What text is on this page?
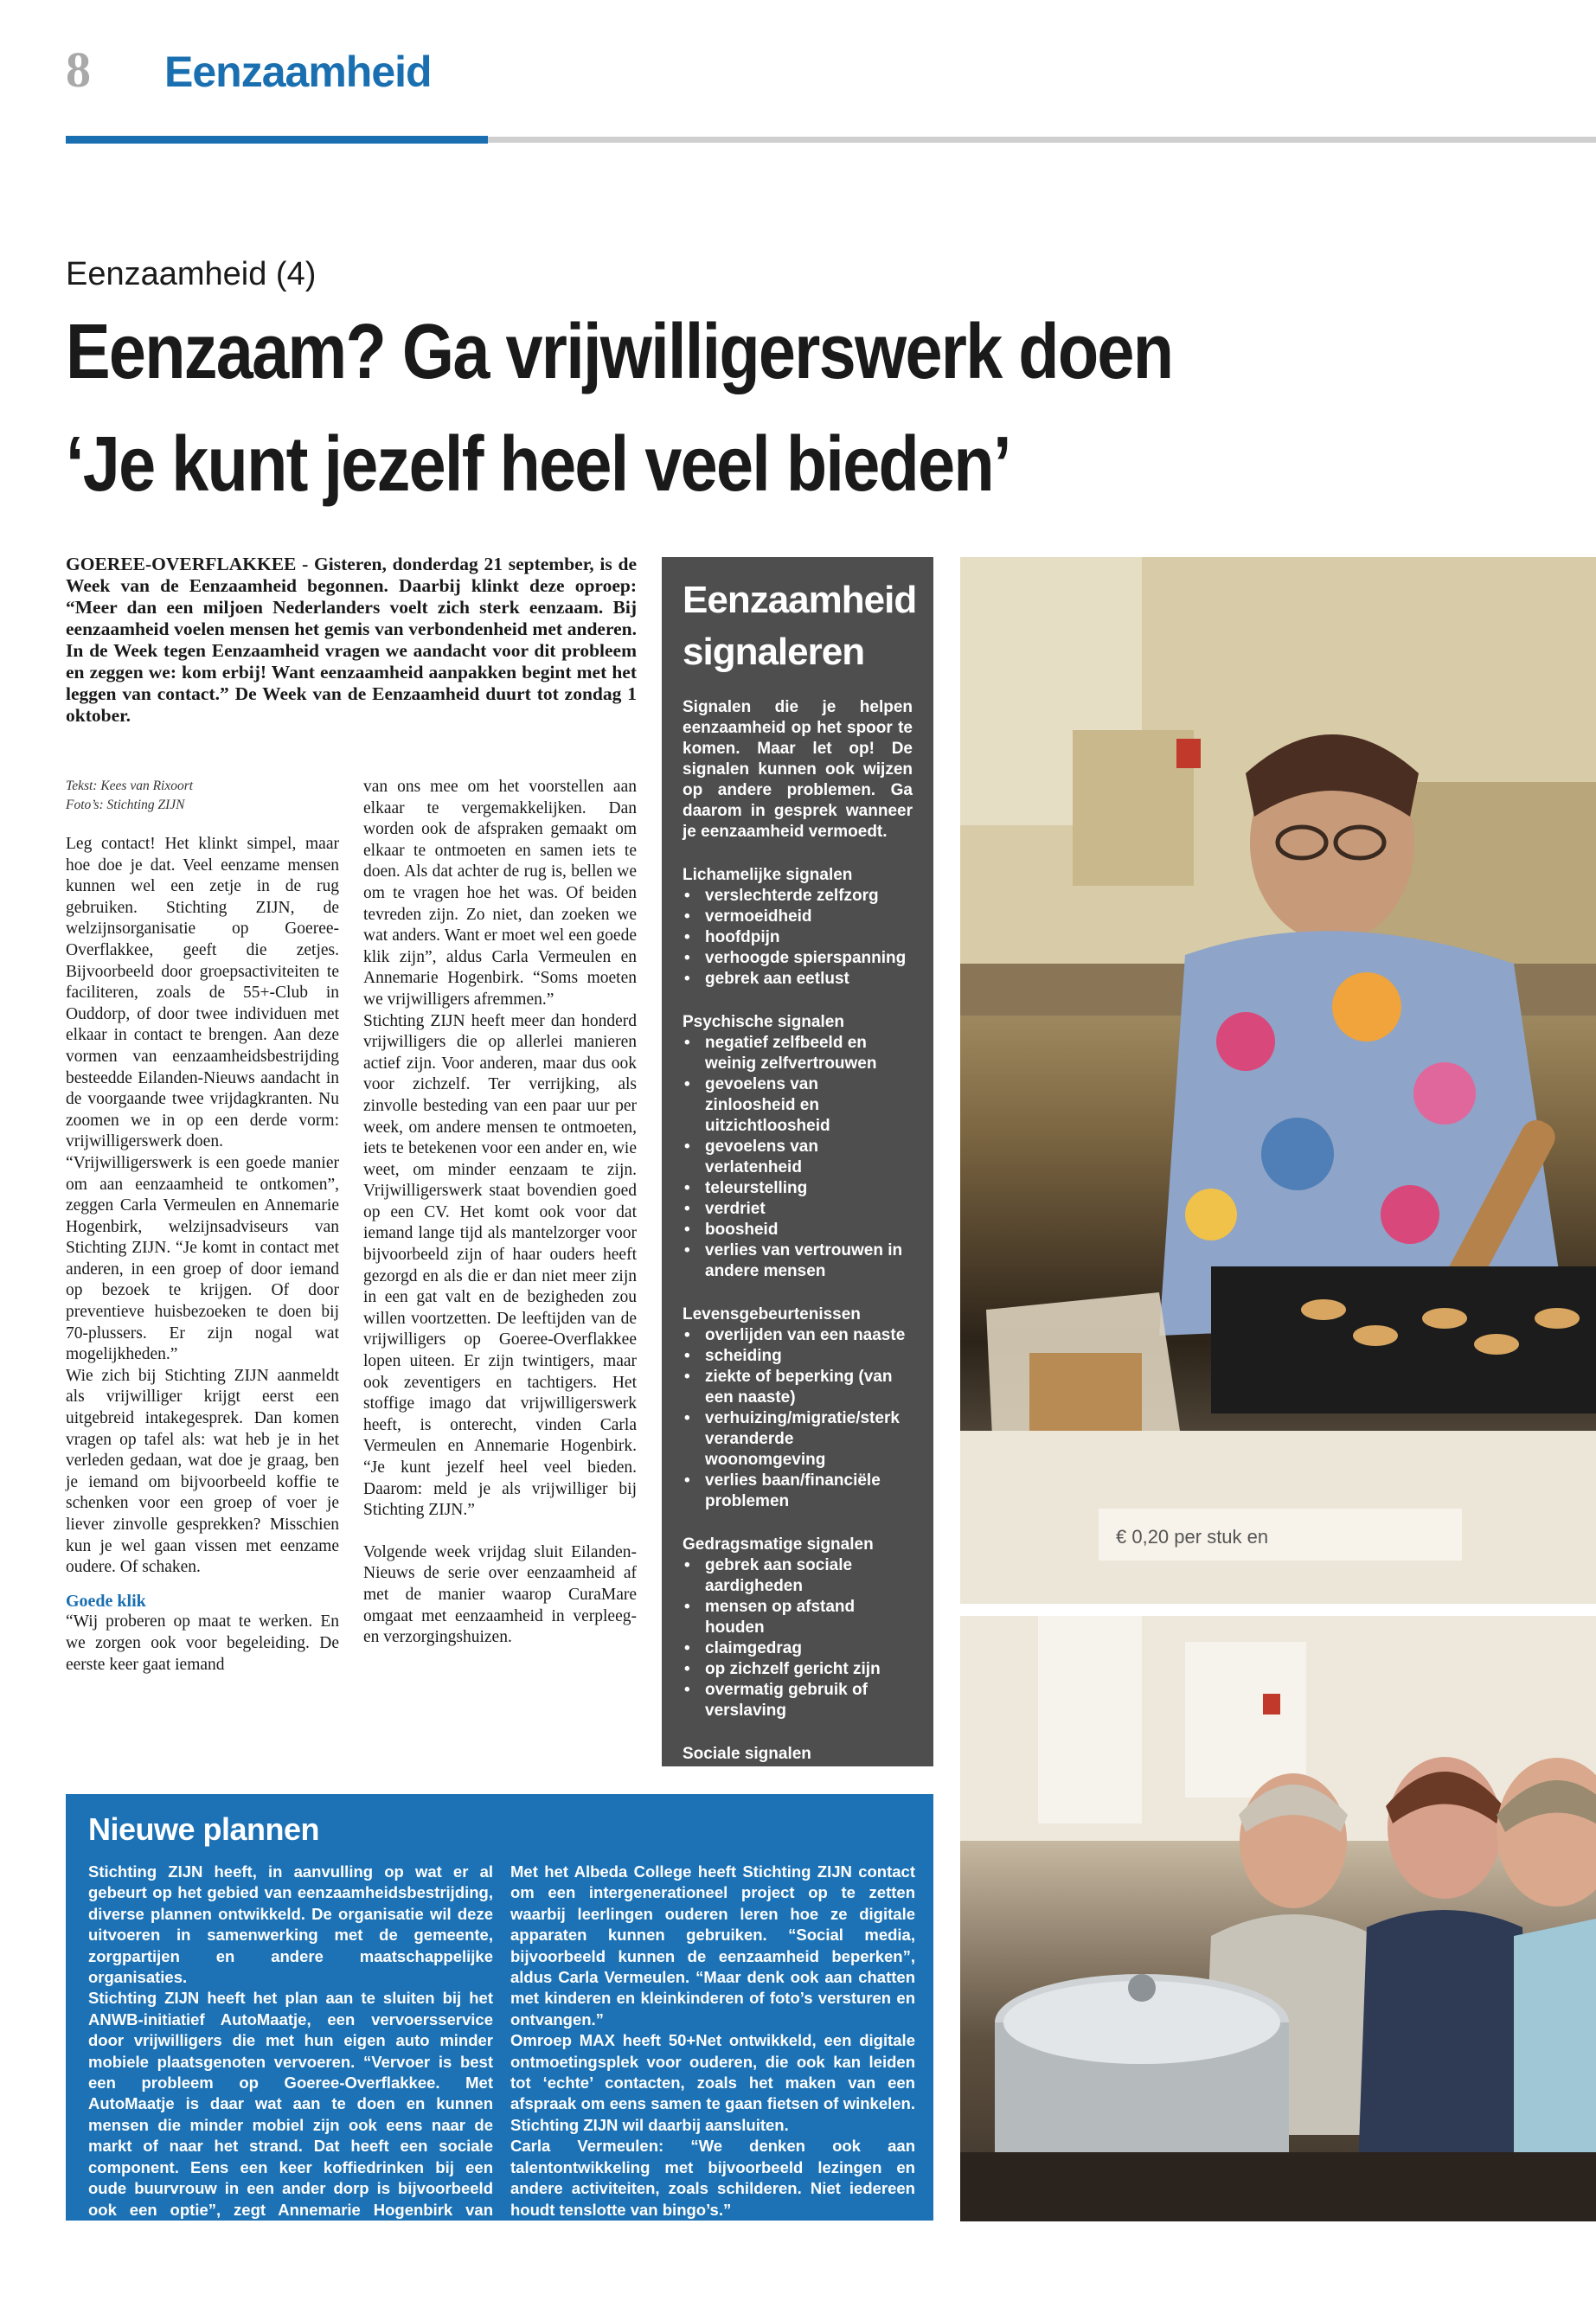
8 Eenzaamheid
Eenzaamheid (4)
Eenzaam? Ga vrijwilligerswerk doen
‘Je kunt jezelf heel veel bieden’
GOEREE-OVERFLAKKEE - Gisteren, donderdag 21 september, is de Week van de Eenzaamheid begonnen. Daarbij klinkt deze oproep: “Meer dan een miljoen Nederlanders voelt zich sterk eenzaam. Bij eenzaamheid voelen mensen het gemis van verbondenheid met anderen. In de Week tegen Eenzaamheid vragen we aandacht voor dit probleem en zeggen we: kom erbij! Want eenzaamheid aanpakken begint met het leggen van contact.” De Week van de Eenzaamheid duurt tot zondag 1 oktober.

Tekst: Kees van Rixoort

Foto’s: Stichting ZIJN

Leg contact! Het klinkt simpel, maar hoe doe je dat. Veel eenzame mensen kunnen wel een zetje in de rug gebruiken. Stichting ZIJN, de welzijnsorganisatie op Goeree-Overflakkee, geeft die zetjes. Bijvoorbeeld door groepsactiviteiten te faciliteren, zoals de 55+-Club in Ouddorp, of door twee individuen met elkaar in contact te brengen. Aan deze vormen van eenzaamheidsbestrijding besteedde Eilanden-Nieuws aandacht in de voorgaande twee vrijdagkranten. Nu zoomen we in op een derde vorm: vrijwilligerswerk doen.

“Vrijwilligerswerk is een goede manier om aan eenzaamheid te ontkomen”, zeggen Carla Vermeulen en Annemarie Hogenbirk, welzijnsadviseurs van Stichting ZIJN. “Je komt in contact met anderen, in een groep of door iemand op bezoek te krijgen. Of door preventieve huisbezoeken te doen bij 70-plussers. Er zijn nogal wat mogelijkheden.”

Wie zich bij Stichting ZIJN aanmeldt als vrijwilliger krijgt eerst een uitgebreid intakegesprek. Dan komen vragen op tafel als: wat heb je in het verleden gedaan, wat doe je graag, ben je iemand om bijvoorbeeld koffie te schenken voor een groep of voer je liever zinvolle gesprekken? Misschien kun je wel gaan vissen met eenzame oudere. Of schaken.

Goede klik

“Wij proberen op maat te werken. En we zorgen ook voor begeleiding. De eerste keer gaat iemand

van ons mee om het voorstellen aan elkaar te vergemakkelijken. Dan worden ook de afspraken gemaakt om elkaar te ontmoeten en samen iets te doen. Als dat achter de rug is, bellen we om te vragen hoe het was. Of beiden tevreden zijn. Zo niet, dan zoeken we wat anders. Want er moet wel een goede klik zijn”, aldus Carla Vermeulen en Annemarie Hogenbirk. “Soms moeten we vrijwilligers afremmen.”

Stichting ZIJN heeft meer dan honderd vrijwilligers die op allerlei manieren actief zijn. Voor anderen, maar dus ook voor zichzelf. Ter verrijking, als zinvolle besteding van een paar uur per week, om andere mensen te ontmoeten, iets te betekenen voor een ander en, wie weet, om minder eenzaam te zijn. Vrijwilligerswerk staat bovendien goed op een CV. Het komt ook voor dat iemand lange tijd als mantelzorger voor bijvoorbeeld zijn of haar ouders heeft gezorgd en als die er dan niet meer zijn in een gat valt en de bezigheden zou willen voortzetten. De leeftijden van de vrijwilligers op Goeree-Overflakkee lopen uiteen. Er zijn twintigers, maar ook zeventigers en tachtigers. Het stoffige imago dat vrijwilligerswerk heeft, is onterecht, vinden Carla Vermeulen en Annemarie Hogenbirk. “Je kunt jezelf heel veel bieden. Daarom: meld je als vrijwilliger bij Stichting ZIJN.”

Volgende week vrijdag sluit Eilanden-Nieuws de serie over eenzaamheid af met de manier waarop CuraMare omgaat met eenzaamheid in verpleeg- en verzorgingshuizen.

Eenzaamheid
signaleren
Signalen die je helpen eenzaamheid op het spoor te komen. Maar let op! De signalen kunnen ook wijzen op andere problemen. Ga daarom in gesprek wanneer je eenzaamheid vermoedt.
Lichamelijke signalen
• verslechterde zelfzorg
• vermoeidheid
• hoofdpijn
• verhoogde spierspanning
• gebrek aan eetlust
Psychische signalen
• negatief zelfbeeld en weinig zelfvertrouwen
• gevoelens van zinloosheid en uitzichtloosheid
• gevoelens van verlatenheid
• teleurstelling
• verdriet
• boosheid
• verlies van vertrouwen in andere mensen
Levensgebeurtenissen
• overlijden van een naaste
• scheiding
• ziekte of beperking (van een naaste)
• verhuizing/migratie/sterk veranderde woonomgeving
• verlies baan/financiële problemen
Gedragsmatige signalen
• gebrek aan sociale aardigheden
• mensen op afstand houden
• claimgedrag
• op zichzelf gericht zijn
• overmatig gebruik of verslaving
Sociale signalen
• weinig sociale contacten
•
Nieuwe plannen

Stichting ZIJN heeft, in aanvulling op wat er al gebeurt op het gebied van eenzaamheidsbestrijding, diverse plannen ontwikkeld. De organisatie wil deze uitvoeren in samenwerking met de gemeente, zorgpartijen en andere maatschappelijke organisaties.

Stichting ZIJN heeft het plan aan te sluiten bij het ANWB-initiatief AutoMaatje, een vervoersservice door vrijwilligers die met hun eigen auto minder mobiele plaatsgenoten vervoeren. “Vervoer is best een probleem op Goeree-Overflakkee. Met AutoMaatje is daar wat aan te doen en kunnen mensen die minder mobiel zijn ook eens naar de markt of naar het strand. Dat heeft een sociale component. Eens een keer koffiedrinken bij een oude buurvrouw in een ander dorp is bijvoorbeeld ook een optie”, zegt Annemarie Hogenbirk van Stichting ZIJN.

Met het Albeda College heeft Stichting ZIJN contact om een intergenerationeel project op te zetten waarbij leerlingen ouderen leren hoe ze digitale apparaten kunnen gebruiken. “Social media, bijvoorbeeld kunnen de eenzaamheid beperken”, aldus Carla Vermeulen. “Maar denk ook aan chatten met kinderen en kleinkinderen of foto’s versturen en ontvangen.”

Omroep MAX heeft 50+Net ontwikkeld, een digitale ontmoetingsplek voor ouderen, die ook kan leiden tot ‘echte’ contacten, zoals het maken van een afspraak om eens samen te gaan fietsen of winkelen. Stichting ZIJN wil daarbij aansluiten.

Carla Vermeulen: “We denken ook aan talentontwikkeling met bijvoorbeeld lezingen en andere activiteiten, zoals schilderen. Niet iedereen houdt tenslotte van bingo’s.”

€ 0,20 per stuk en
